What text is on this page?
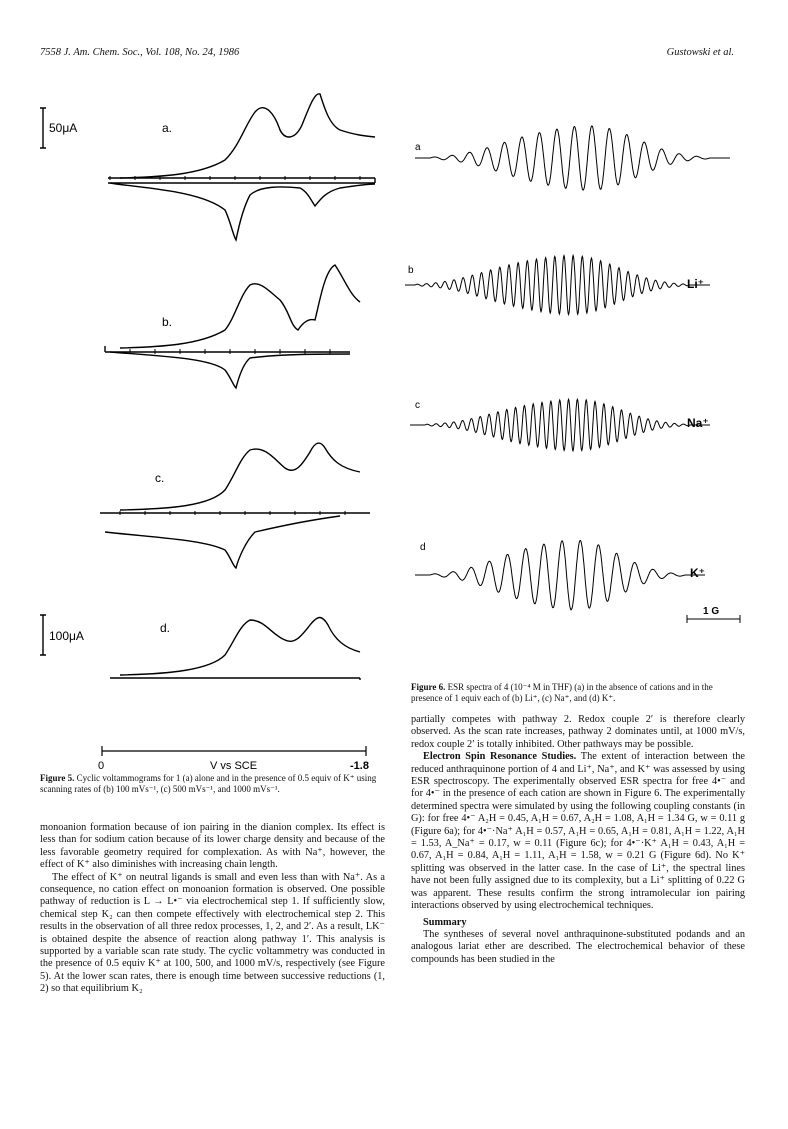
7558 J. Am. Chem. Soc., Vol. 108, No. 24, 1986	Gustowski et al.
50μA
100μA
a.
b.
c.
d.
0	V vs SCE	-1.8
a
b
c
d
Li⁺
Na⁺
K⁺
1 G
Figure 5. Cyclic voltammograms for 1 (a) alone and in the presence of 0.5 equiv of K⁺ using scanning rates of (b) 100 mVs⁻¹, (c) 500 mVs⁻¹, and 1000 mVs⁻¹.
Figure 6. ESR spectra of 4 (10⁻⁴ M in THF) (a) in the absence of cations and in the presence of 1 equiv each of (b) Li⁺, (c) Na⁺, and (d) K⁺.

monoanion formation because of ion pairing in the dianion complex. Its effect is less than for sodium cation because of its lower charge density and because of the less favorable geometry required for complexation. As with Na⁺, however, the effect of K⁺ also diminishes with increasing chain length.

The effect of K⁺ on neutral ligands is small and even less than with Na⁺. As a consequence, no cation effect on monoanion formation is observed. One possible pathway of reduction is L → L•⁻ via electrochemical step 1. If sufficiently slow, chemical step K₂ can then compete effectively with electrochemical step 2. This results in the observation of all three redox processes, 1, 2, and 2′. As a result, LK⁻ is obtained despite the absence of reaction along pathway 1′. This analysis is supported by a variable scan rate study. The cyclic voltammetry was conducted in the presence of 0.5 equiv K⁺ at 100, 500, and 1000 mV/s, respectively (see Figure 5). At the lower scan rates, there is enough time between successive reductions (1, 2) so that equilibrium K₂

partially competes with pathway 2. Redox couple 2′ is therefore clearly observed. As the scan rate increases, pathway 2 dominates until, at 1000 mV/s, redox couple 2′ is totally inhibited. Other pathways may be possible.

Electron Spin Resonance Studies. The extent of interaction between the reduced anthraquinone portion of 4 and Li⁺, Na⁺, and K⁺ was assessed by using ESR spectroscopy. The experimentally observed ESR spectra for free 4•⁻ and for 4•⁻ in the presence of each cation are shown in Figure 6. The experimentally determined spectra were simulated by using the following coupling constants (in G): for free 4•⁻ A₂H = 0.45, A₁H = 0.67, A₂H = 1.08, A₁H = 1.34 G, w = 0.11 g (Figure 6a); for 4•⁻·Na⁺ A₁H = 0.57, A₁H = 0.65, A₁H = 0.81, A₁H = 1.22, A₁H = 1.53, A_Na⁺ = 0.17, w = 0.11 (Figure 6c); for 4•⁻·K⁺ A₁H = 0.43, A₁H = 0.67, A₁H = 0.84, A₁H = 1.11, A₁H = 1.58, w = 0.21 G (Figure 6d). No K⁺ splitting was observed in the latter case. In the case of Li⁺, the spectral lines have not been fully assigned due to its complexity, but a Li⁺ splitting of 0.22 G was apparent. These results confirm the strong intramolecular ion pairing interactions observed by using electrochemical techniques.

Summary

The syntheses of several novel anthraquinone-substituted podands and an analogous lariat ether are described. The electrochemical behavior of these compounds has been studied in the
